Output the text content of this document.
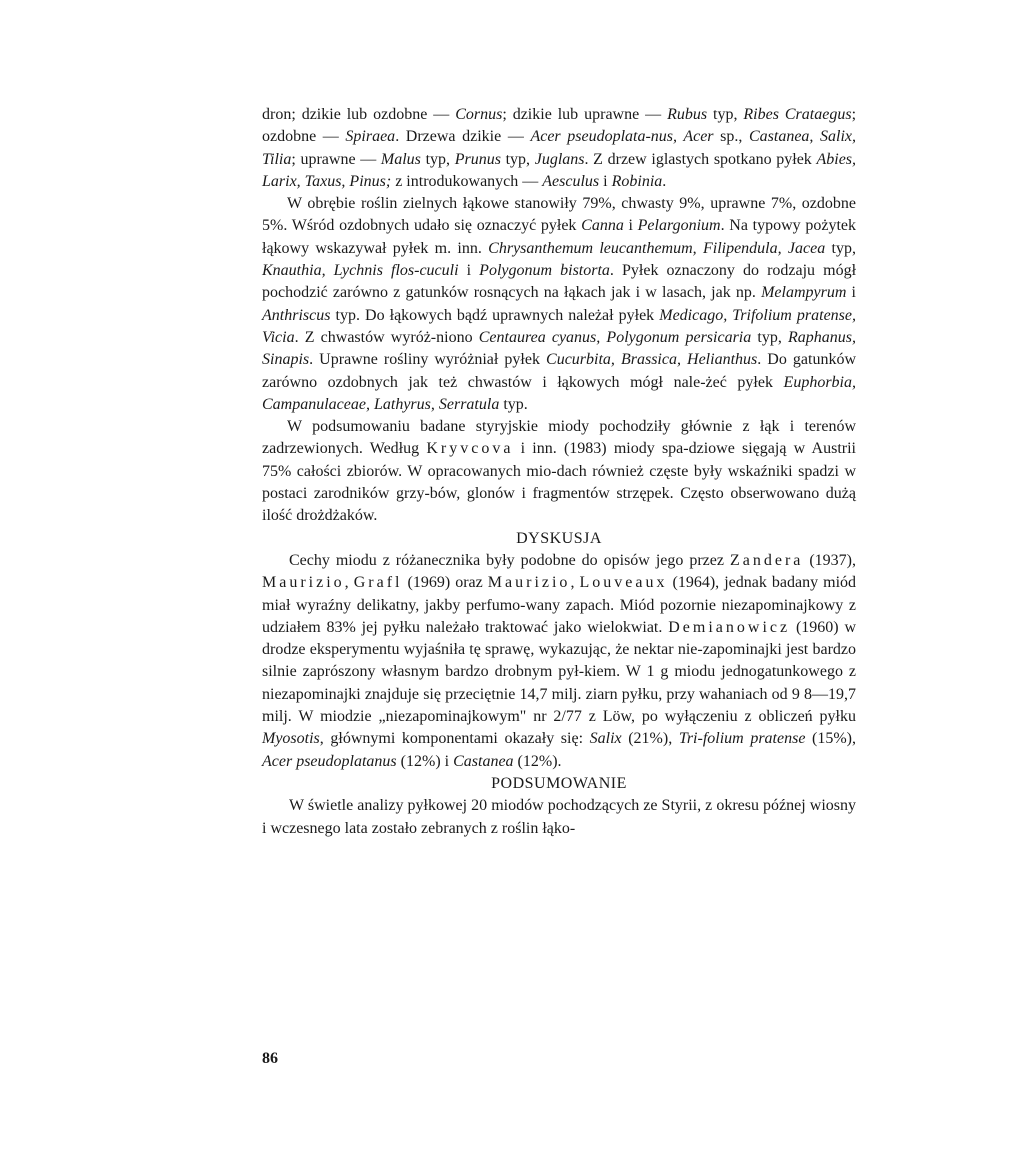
dron; dzikie lub ozdobne — Cornus; dzikie lub uprawne — Rubus typ, Ribes Crataegus; ozdobne — Spiraea. Drzewa dzikie — Acer pseudoplata-nus, Acer sp., Castanea, Salix, Tilia; uprawne — Malus typ, Prunus typ, Juglans. Z drzew iglastych spotkano pyłek Abies, Larix, Taxus, Pinus; z introdukowanych — Aesculus i Robinia.

W obrębie roślin zielnych łąkowe stanowiły 79%, chwasty 9%, uprawne 7%, ozdobne 5%. Wśród ozdobnych udało się oznaczyć pyłek Canna i Pelargonium. Na typowy pożytek łąkowy wskazywał pyłek m. inn. Chrysanthemum leucanthemum, Filipendula, Jacea typ, Knauthia, Lychnis flos-cuculi i Polygonum bistorta. Pyłek oznaczony do rodzaju mógł pochodzić zarówno z gatunków rosnących na łąkach jak i w lasach, jak np. Melampyrum i Anthriscus typ. Do łąkowych bądź uprawnych należał pyłek Medicago, Trifolium pratense, Vicia. Z chwastów wyróż-niono Centaurea cyanus, Polygonum persicaria typ, Raphanus, Sinapis. Uprawne rośliny wyróżniał pyłek Cucurbita, Brassica, Helianthus. Do gatunków zarówno ozdobnych jak też chwastów i łąkowych mógł nale-żeć pyłek Euphorbia, Campanulaceae, Lathyrus, Serratula typ.

W podsumowaniu badane styryjskie miody pochodziły głównie z łąk i terenów zadrzewionych. Według Kryvcova i inn. (1983) miody spa-dziowe sięgają w Austrii 75% całości zbiorów. W opracowanych mio-dach również częste były wskaźniki spadzi w postaci zarodników grzy-bów, glonów i fragmentów strzępek. Często obserwowano dużą ilość drożdżaków.

DYSKUSJA

Cechy miodu z różanecznika były podobne do opisów jego przez Zandera (1937), Maurizio, Grafl (1969) oraz Maurizio, Louveaux (1964), jednak badany miód miał wyraźny delikatny, jakby perfumo-wany zapach. Miód pozornie niezapominajkowy z udziałem 83% jej pyłku należało traktować jako wielokwiat. Demianowicz (1960) w drodze eksperymentu wyjaśniła tę sprawę, wykazując, że nektar nie-zapominajki jest bardzo silnie zaprószony własnym bardzo drobnym pył-kiem. W 1 g miodu jednogatunkowego z niezapominajki znajduje się przeciętnie 14,7 milj. ziarn pyłku, przy wahaniach od 9 8—19,7 milj. W miodzie „niezapominajkowym" nr 2/77 z Löw, po wyłączeniu z obliczeń pyłku Myosotis, głównymi komponentami okazały się: Salix (21%), Tri-folium pratense (15%), Acer pseudoplatanus (12%) i Castanea (12%).

PODSUMOWANIE

W świetle analizy pyłkowej 20 miodów pochodzących ze Styrii, z okresu późnej wiosny i wczesnego lata zostało zebranych z roślin łąko-

86
